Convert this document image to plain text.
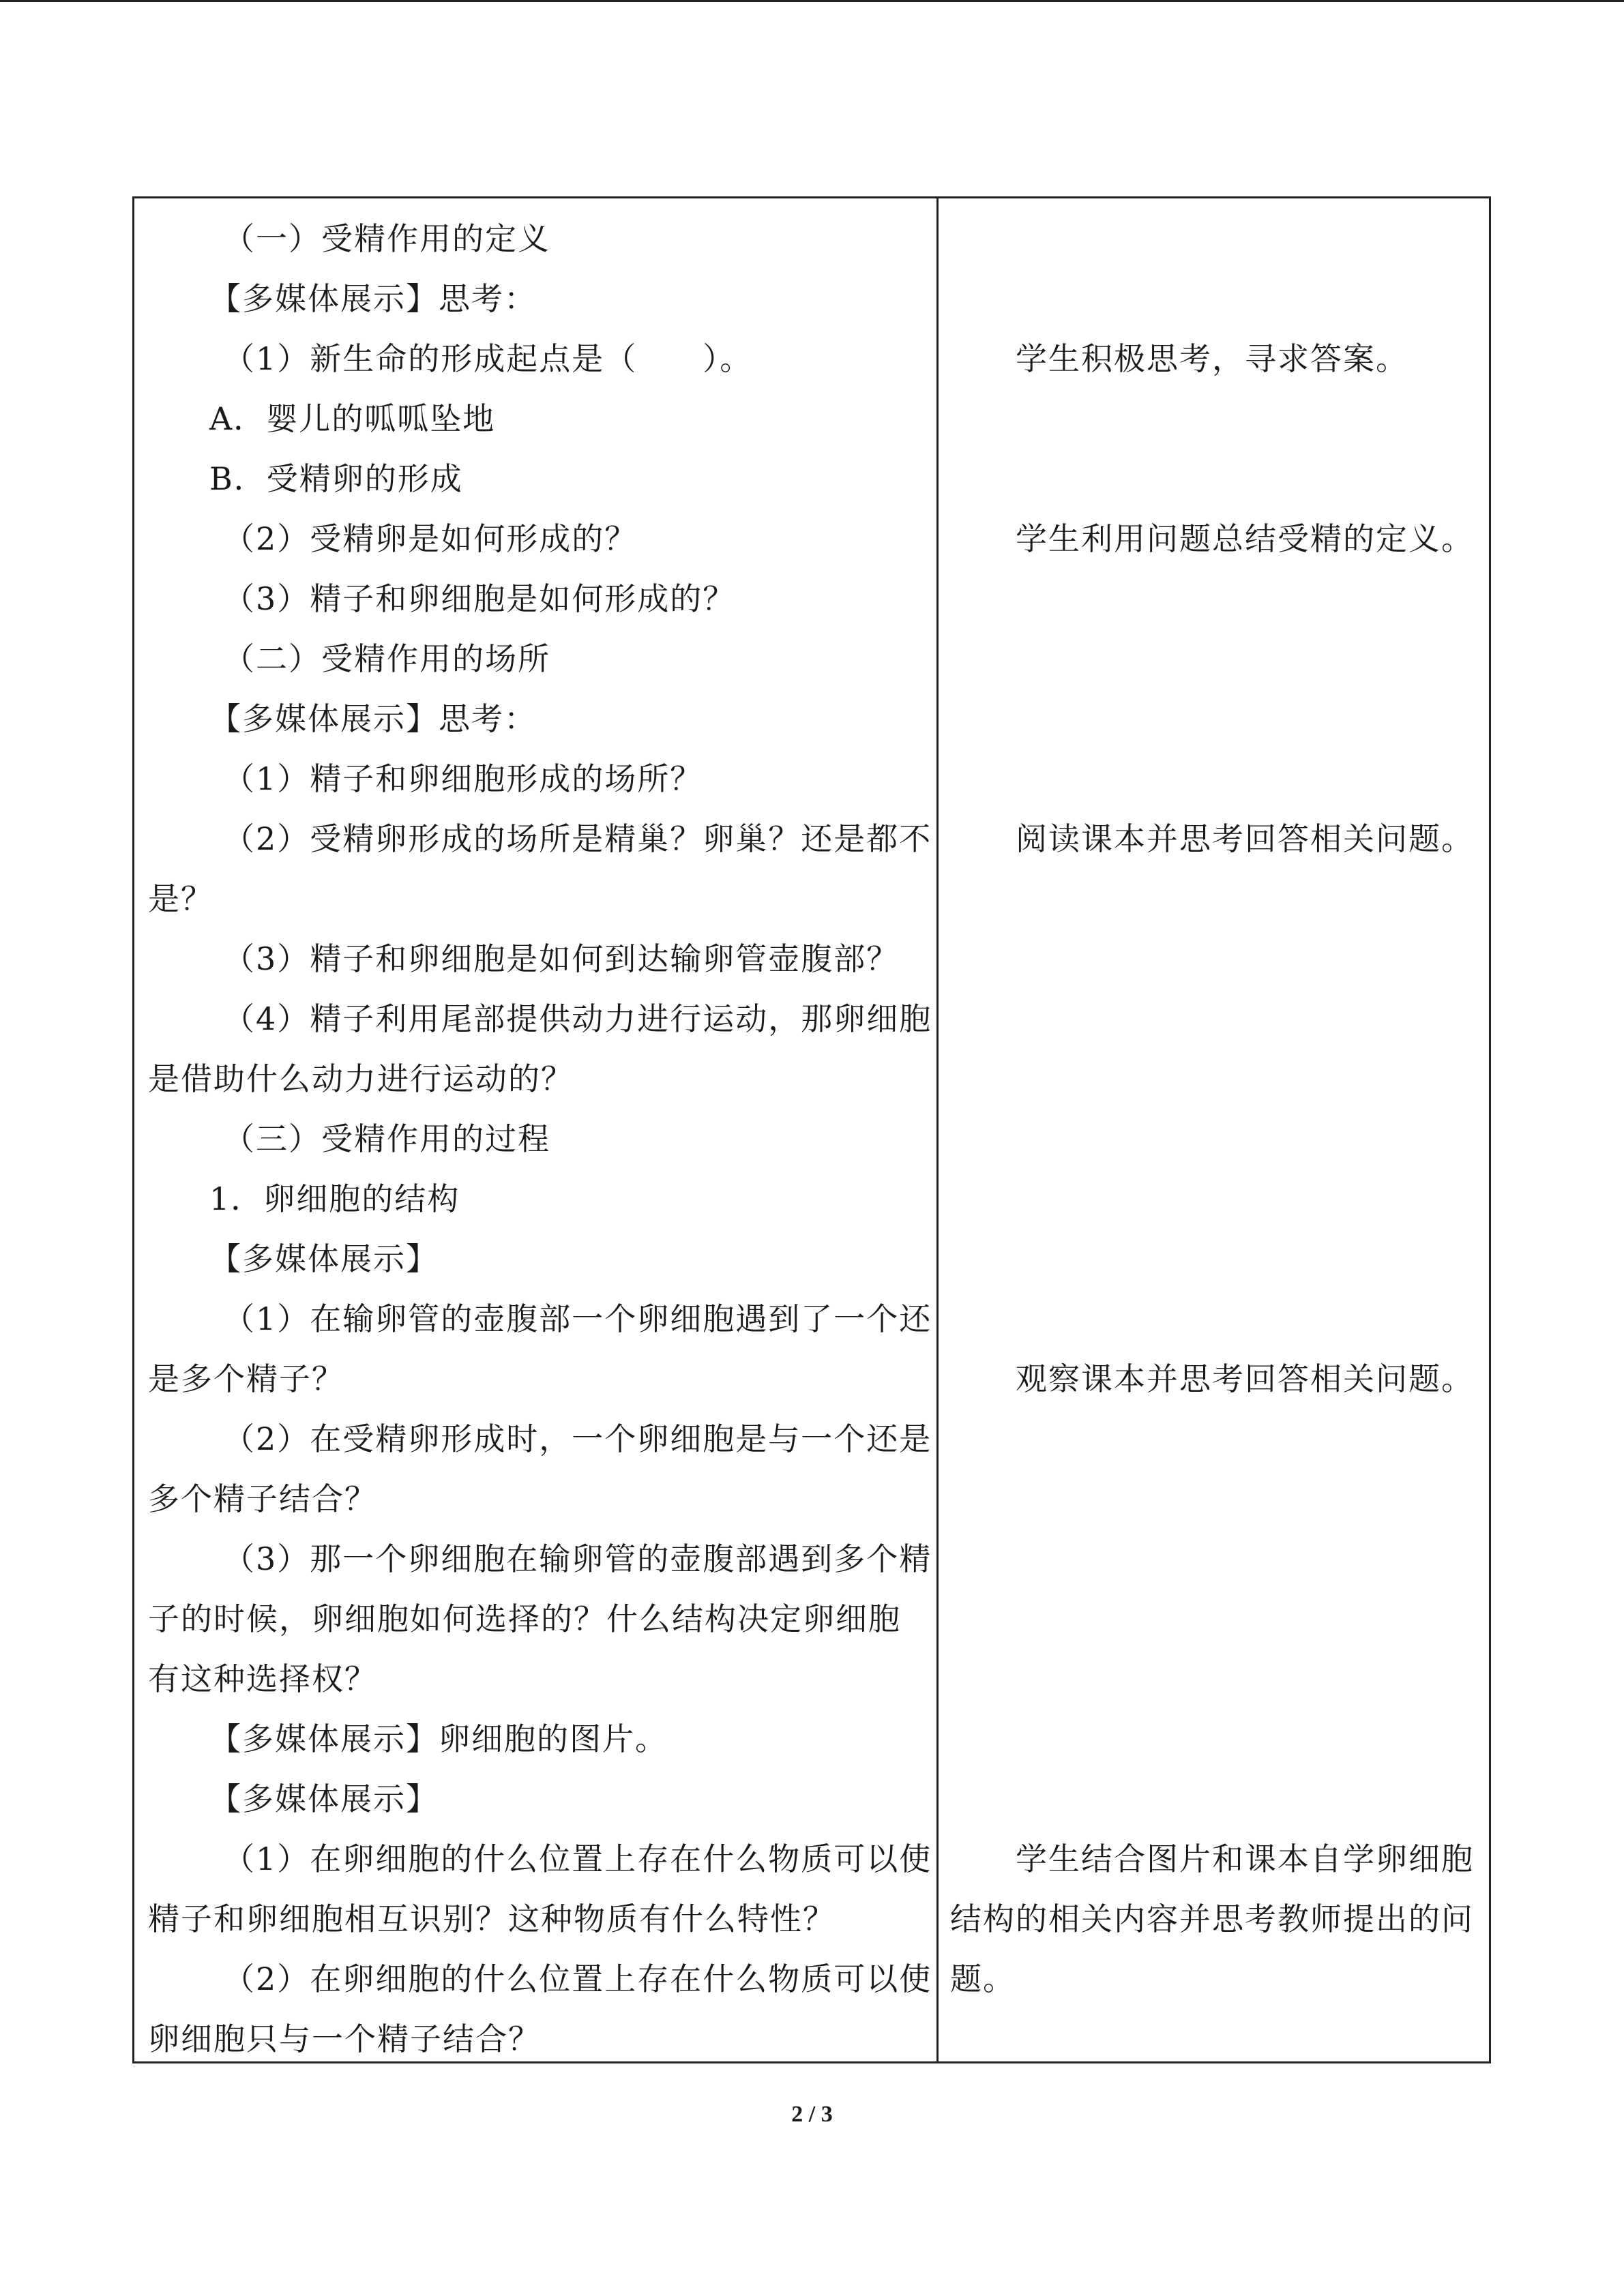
（一）受精作用的定义
【多媒体展示】思考：
（1）新生命的形成起点是（　　）。
A．婴儿的呱呱坠地
B．受精卵的形成
（2）受精卵是如何形成的？
（3）精子和卵细胞是如何形成的？
（二）受精作用的场所
【多媒体展示】思考：
（1）精子和卵细胞形成的场所？
（2）受精卵形成的场所是精巢？卵巢？还是都不
是？
（3）精子和卵细胞是如何到达输卵管壶腹部？
（4）精子利用尾部提供动力进行运动，那卵细胞
是借助什么动力进行运动的？
（三）受精作用的过程
1．卵细胞的结构
【多媒体展示】
（1）在输卵管的壶腹部一个卵细胞遇到了一个还
是多个精子？
（2）在受精卵形成时，一个卵细胞是与一个还是
多个精子结合？
（3）那一个卵细胞在输卵管的壶腹部遇到多个精
子的时候，卵细胞如何选择的？什么结构决定卵细胞
有这种选择权？
【多媒体展示】卵细胞的图片。
【多媒体展示】
（1）在卵细胞的什么位置上存在什么物质可以使
精子和卵细胞相互识别？这种物质有什么特性？
（2）在卵细胞的什么位置上存在什么物质可以使
卵细胞只与一个精子结合？
学生积极思考，寻求答案。
学生利用问题总结受精的定义。
阅读课本并思考回答相关问题。
观察课本并思考回答相关问题。
学生结合图片和课本自学卵细胞
结构的相关内容并思考教师提出的问
题。
2 / 3
